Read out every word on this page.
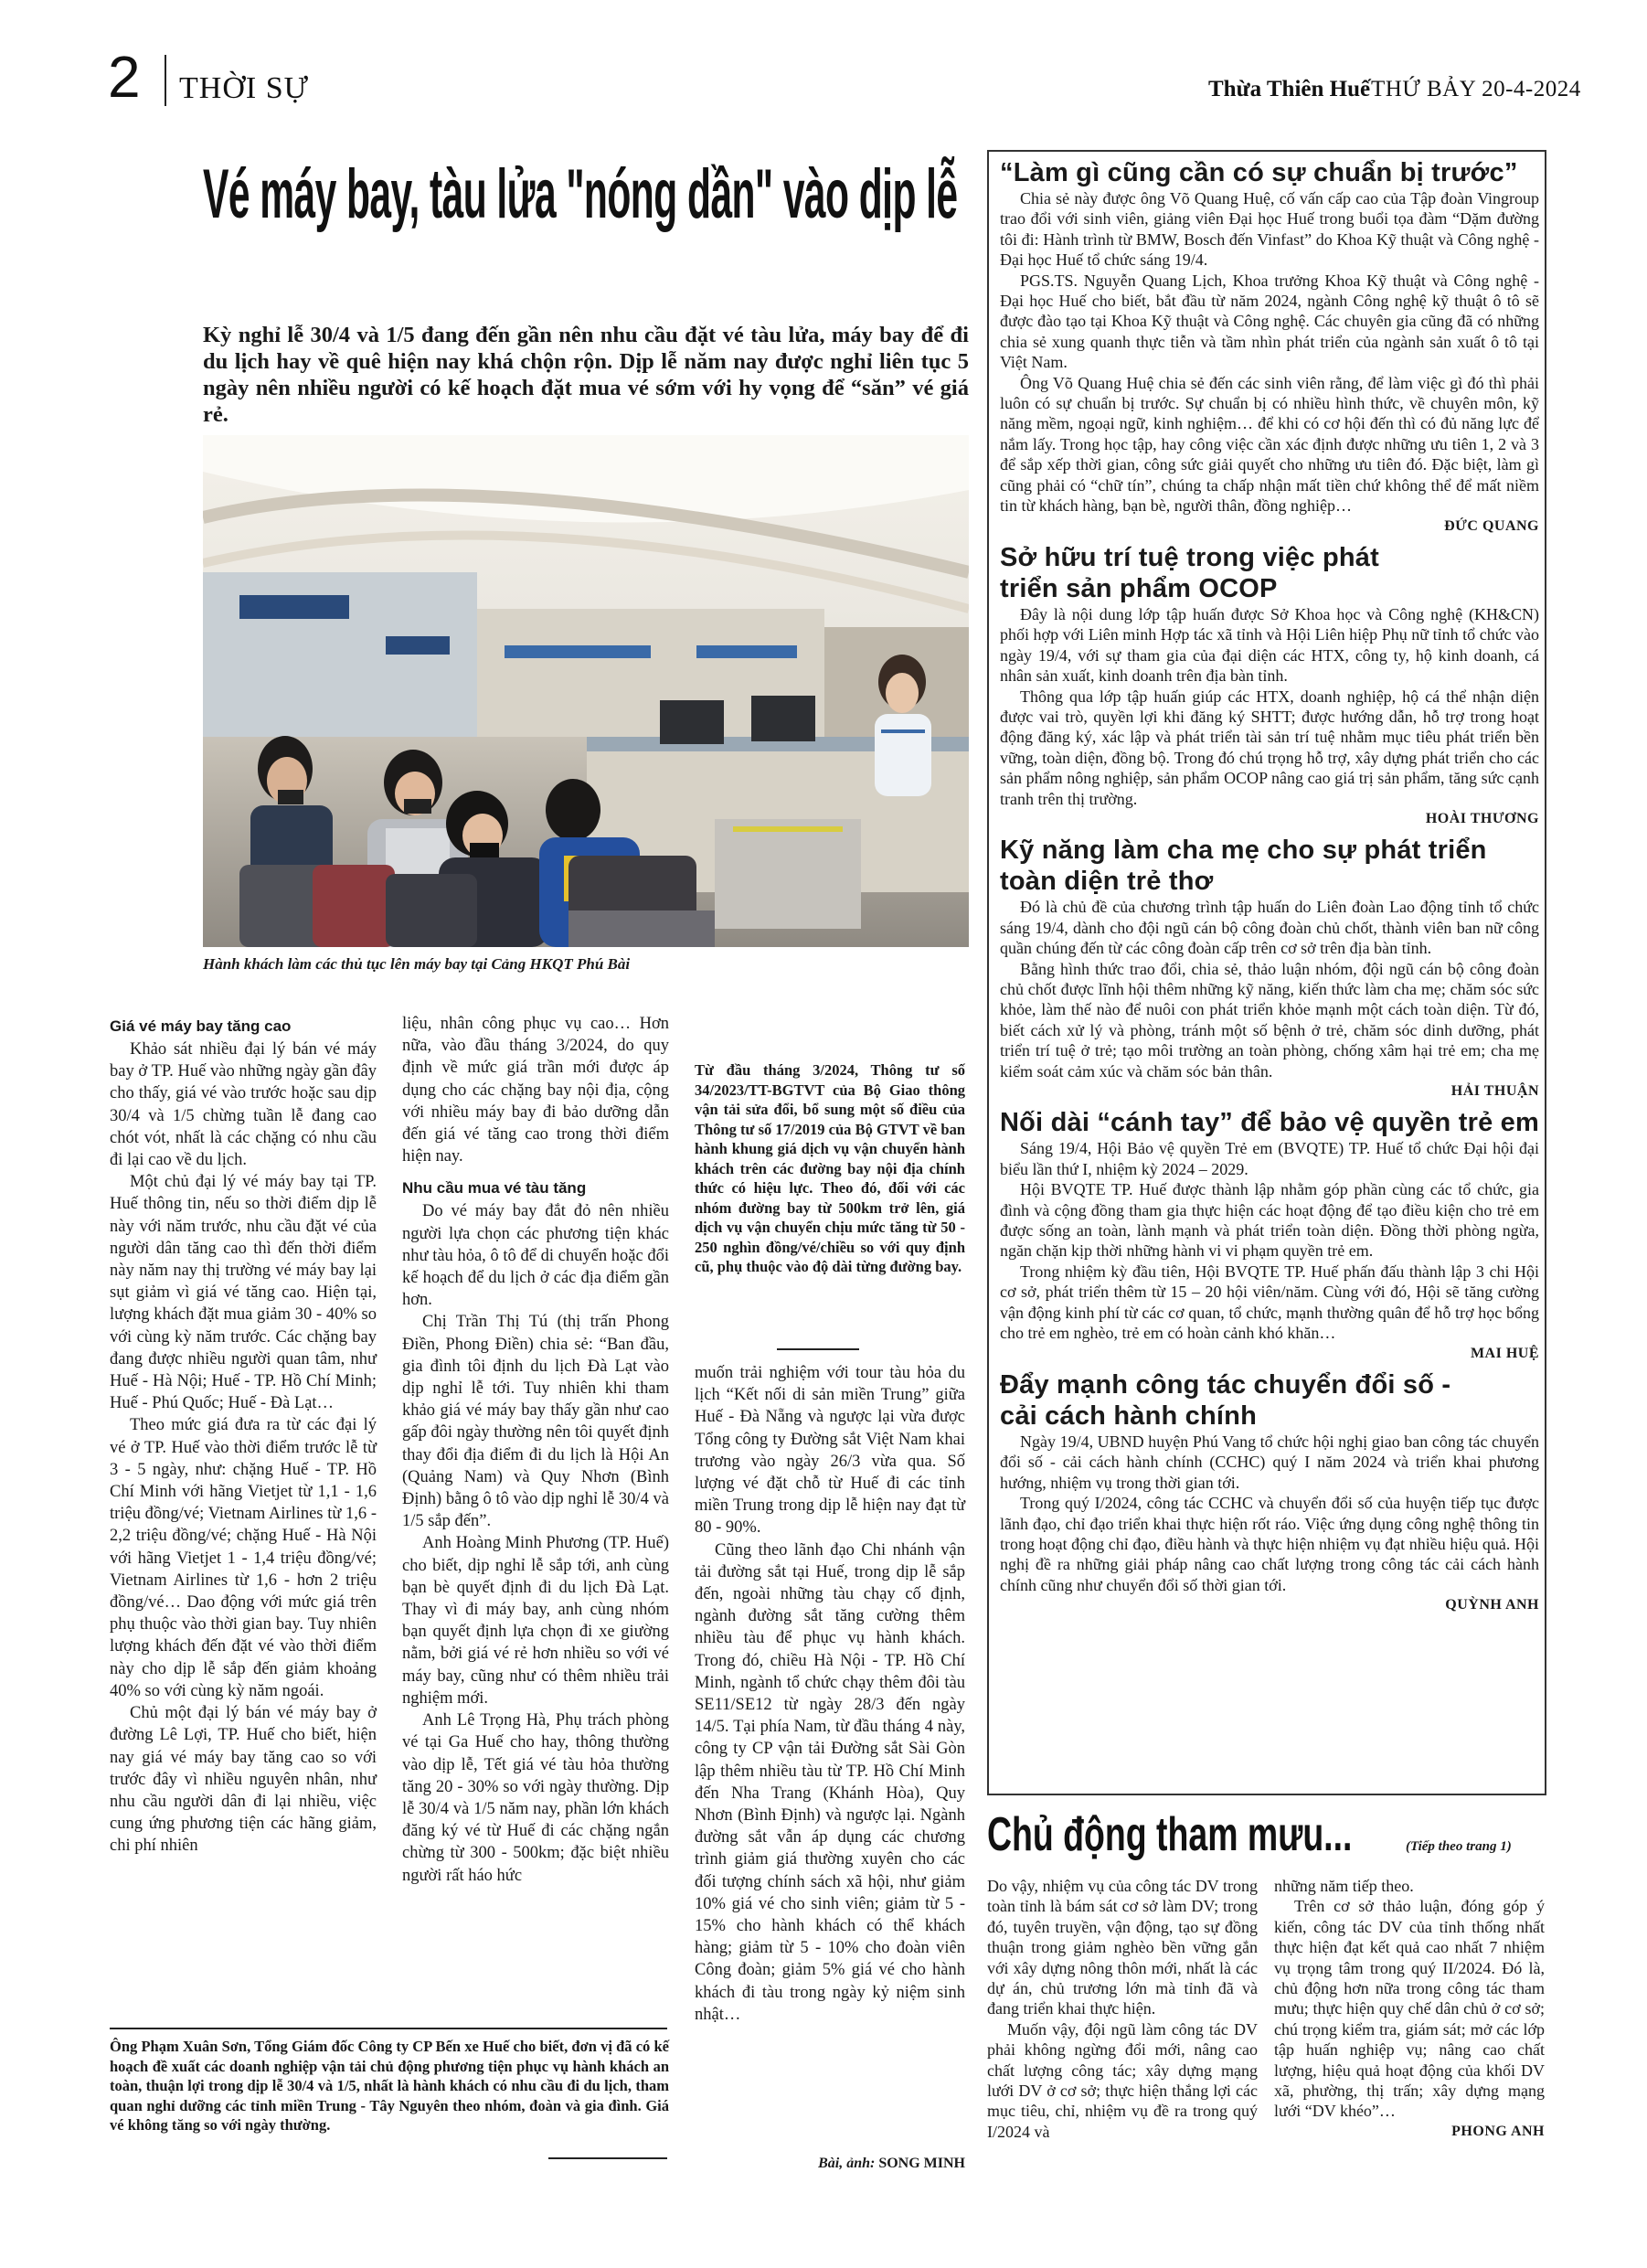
2 THỜI SỰ	Thừa Thiên Huế THỨ BẢY 20-4-2024
Vé máy bay, tàu lửa "nóng dần" vào dịp lễ
Kỳ nghỉ lễ 30/4 và 1/5 đang đến gần nên nhu cầu đặt vé tàu lửa, máy bay để đi du lịch hay về quê hiện nay khá chộn rộn. Dịp lễ năm nay được nghỉ liên tục 5 ngày nên nhiều người có kế hoạch đặt mua vé sớm với hy vọng để “săn” vé giá rẻ.
Hành khách làm các thủ tục lên máy bay tại Cảng HKQT Phú Bài
Giá vé máy bay tăng cao

Khảo sát nhiều đại lý bán vé máy bay ở TP. Huế vào những ngày gần đây cho thấy, giá vé vào trước hoặc sau dịp 30/4 và 1/5 chừng tuần lễ đang cao chót vót, nhất là các chặng có nhu cầu đi lại cao về du lịch.

Một chủ đại lý vé máy bay tại TP. Huế thông tin, nếu so thời điểm dịp lễ này với năm trước, nhu cầu đặt vé của người dân tăng cao thì đến thời điểm này năm nay thị trường vé máy bay lại sụt giảm vì giá vé tăng cao. Hiện tại, lượng khách đặt mua giảm 30 - 40% so với cùng kỳ năm trước. Các chặng bay đang được nhiều người quan tâm, như Huế - Hà Nội; Huế - TP. Hồ Chí Minh; Huế - Phú Quốc; Huế - Đà Lạt…

Theo mức giá đưa ra từ các đại lý vé ở TP. Huế vào thời điểm trước lễ từ 3 - 5 ngày, như: chặng Huế - TP. Hồ Chí Minh với hãng Vietjet từ 1,1 - 1,6 triệu đồng/vé; Vietnam Airlines từ 1,6 - 2,2 triệu đồng/vé; chặng Huế - Hà Nội với hãng Vietjet 1 - 1,4 triệu đồng/vé; Vietnam Airlines từ 1,6 - hơn 2 triệu đồng/vé… Dao động với mức giá trên phụ thuộc vào thời gian bay. Tuy nhiên lượng khách đến đặt vé vào thời điểm này cho dịp lễ sắp đến giảm khoảng 40% so với cùng kỳ năm ngoái.

Chủ một đại lý bán vé máy bay ở đường Lê Lợi, TP. Huế cho biết, hiện nay giá vé máy bay tăng cao so với trước đây vì nhiều nguyên nhân, như nhu cầu người dân đi lại nhiều, việc cung ứng phương tiện các hãng giảm, chi phí nhiên

liệu, nhân công phục vụ cao… Hơn nữa, vào đầu tháng 3/2024, do quy định về mức giá trần mới được áp dụng cho các chặng bay nội địa, cộng với nhiều máy bay đi bảo dưỡng dẫn đến giá vé tăng cao trong thời điểm hiện nay.

Nhu cầu mua vé tàu tăng

Do vé máy bay đắt đỏ nên nhiều người lựa chọn các phương tiện khác như tàu hỏa, ô tô để di chuyển hoặc đổi kế hoạch để du lịch ở các địa điểm gần hơn.

Chị Trần Thị Tú (thị trấn Phong Điền, Phong Điền) chia sẻ: “Ban đầu, gia đình tôi định du lịch Đà Lạt vào dịp nghỉ lễ tới. Tuy nhiên khi tham khảo giá vé máy bay thấy gần như cao gấp đôi ngày thường nên tôi quyết định thay đổi địa điểm đi du lịch là Hội An (Quảng Nam) và Quy Nhơn (Bình Định) bằng ô tô vào dịp nghỉ lễ 30/4 và 1/5 sắp đến”.

Anh Hoàng Minh Phương (TP. Huế) cho biết, dịp nghỉ lễ sắp tới, anh cùng bạn bè quyết định đi du lịch Đà Lạt. Thay vì đi máy bay, anh cùng nhóm bạn quyết định lựa chọn đi xe giường nằm, bởi giá vé rẻ hơn nhiều so với vé máy bay, cũng như có thêm nhiều trải nghiệm mới.

Anh Lê Trọng Hà, Phụ trách phòng vé tại Ga Huế cho hay, thông thường vào dịp lễ, Tết giá vé tàu hỏa thường tăng 20 - 30% so với ngày thường. Dịp lễ 30/4 và 1/5 năm nay, phần lớn khách đăng ký vé từ Huế đi các chặng ngắn chừng từ 300 - 500km; đặc biệt nhiều người rất háo hức

Từ đầu tháng 3/2024, Thông tư số 34/2023/TT-BGTVT của Bộ Giao thông vận tải sửa đổi, bổ sung một số điều của Thông tư số 17/2019 của Bộ GTVT về ban hành khung giá dịch vụ vận chuyển hành khách trên các đường bay nội địa chính thức có hiệu lực. Theo đó, đối với các nhóm đường bay từ 500km trở lên, giá dịch vụ vận chuyển chịu mức tăng từ 50 - 250 nghìn đồng/vé/chiều so với quy định cũ, phụ thuộc vào độ dài từng đường bay.

muốn trải nghiệm với tour tàu hỏa du lịch “Kết nối di sản miền Trung” giữa Huế - Đà Nẵng và ngược lại vừa được Tổng công ty Đường sắt Việt Nam khai trương vào ngày 26/3 vừa qua. Số lượng vé đặt chỗ từ Huế đi các tỉnh miền Trung trong dịp lễ hiện nay đạt từ 80 - 90%.

Cũng theo lãnh đạo Chi nhánh vận tải đường sắt tại Huế, trong dịp lễ sắp đến, ngoài những tàu chạy cố định, ngành đường sắt tăng cường thêm nhiều tàu để phục vụ hành khách. Trong đó, chiều Hà Nội - TP. Hồ Chí Minh, ngành tổ chức chạy thêm đôi tàu SE11/SE12 từ ngày 28/3 đến ngày 14/5. Tại phía Nam, từ đầu tháng 4 này, công ty CP vận tải Đường sắt Sài Gòn lập thêm nhiều tàu từ TP. Hồ Chí Minh đến Nha Trang (Khánh Hòa), Quy Nhơn (Bình Định) và ngược lại. Ngành đường sắt vẫn áp dụng các chương trình giảm giá thường xuyên cho các đối tượng chính sách xã hội, như giảm 10% giá vé cho sinh viên; giảm từ 5 - 15% cho hành khách có thể khách hàng; giảm từ 5 - 10% cho đoàn viên Công đoàn; giảm 5% giá vé cho hành khách đi tàu trong ngày kỷ niệm sinh nhật…

Bài, ảnh: SONG MINH
Ông Phạm Xuân Sơn, Tổng Giám đốc Công ty CP Bến xe Huế cho biết, đơn vị đã có kế hoạch đề xuất các doanh nghiệp vận tải chủ động phương tiện phục vụ hành khách an toàn, thuận lợi trong dịp lễ 30/4 và 1/5, nhất là hành khách có nhu cầu đi du lịch, tham quan nghỉ dưỡng các tỉnh miền Trung - Tây Nguyên theo nhóm, đoàn và gia đình. Giá vé không tăng so với ngày thường.
“Làm gì cũng cần có sự chuẩn bị trước”

Chia sẻ này được ông Võ Quang Huệ, cố vấn cấp cao của Tập đoàn Vingroup trao đổi với sinh viên, giảng viên Đại học Huế trong buổi tọa đàm “Dặm đường tôi đi: Hành trình từ BMW, Bosch đến Vinfast” do Khoa Kỹ thuật và Công nghệ - Đại học Huế tổ chức sáng 19/4.

PGS.TS. Nguyễn Quang Lịch, Khoa trưởng Khoa Kỹ thuật và Công nghệ - Đại học Huế cho biết, bắt đầu từ năm 2024, ngành Công nghệ kỹ thuật ô tô sẽ được đào tạo tại Khoa Kỹ thuật và Công nghệ. Các chuyên gia cũng đã có những chia sẻ xung quanh thực tiễn và tầm nhìn phát triển của ngành sản xuất ô tô tại Việt Nam.

Ông Võ Quang Huệ chia sẻ đến các sinh viên rằng, để làm việc gì đó thì phải luôn có sự chuẩn bị trước. Sự chuẩn bị có nhiều hình thức, về chuyên môn, kỹ năng mềm, ngoại ngữ, kinh nghiệm… để khi có cơ hội đến thì có đủ năng lực để nắm lấy. Trong học tập, hay công việc cần xác định được những ưu tiên 1, 2 và 3 để sắp xếp thời gian, công sức giải quyết cho những ưu tiên đó. Đặc biệt, làm gì cũng phải có “chữ tín”, chúng ta chấp nhận mất tiền chứ không thể để mất niềm tin từ khách hàng, bạn bè, người thân, đồng nghiệp…

ĐỨC QUANG
Sở hữu trí tuệ trong việc phát triển sản phẩm OCOP

Đây là nội dung lớp tập huấn được Sở Khoa học và Công nghệ (KH&CN) phối hợp với Liên minh Hợp tác xã tỉnh và Hội Liên hiệp Phụ nữ tỉnh tổ chức vào ngày 19/4, với sự tham gia của đại diện các HTX, công ty, hộ kinh doanh, cá nhân sản xuất, kinh doanh trên địa bàn tỉnh.

Thông qua lớp tập huấn giúp các HTX, doanh nghiệp, hộ cá thể nhận diện được vai trò, quyền lợi khi đăng ký SHTT; được hướng dẫn, hỗ trợ trong hoạt động đăng ký, xác lập và phát triển tài sản trí tuệ nhằm mục tiêu phát triển bền vững, toàn diện, đồng bộ. Trong đó chú trọng hỗ trợ, xây dựng phát triển cho các sản phẩm nông nghiệp, sản phẩm OCOP nâng cao giá trị sản phẩm, tăng sức cạnh tranh trên thị trường.

HOÀI THƯƠNG
Kỹ năng làm cha mẹ cho sự phát triển toàn diện trẻ thơ

Đó là chủ đề của chương trình tập huấn do Liên đoàn Lao động tỉnh tổ chức sáng 19/4, dành cho đội ngũ cán bộ công đoàn chủ chốt, thành viên ban nữ công quần chúng đến từ các công đoàn cấp trên cơ sở trên địa bàn tỉnh.

Bằng hình thức trao đổi, chia sẻ, thảo luận nhóm, đội ngũ cán bộ công đoàn chủ chốt được lĩnh hội thêm những kỹ năng, kiến thức làm cha mẹ; chăm sóc sức khỏe, làm thế nào để nuôi con phát triển khỏe mạnh một cách toàn diện. Từ đó, biết cách xử lý và phòng, tránh một số bệnh ở trẻ, chăm sóc dinh dưỡng, phát triển trí tuệ ở trẻ; tạo môi trường an toàn phòng, chống xâm hại trẻ em; cha mẹ kiểm soát cảm xúc và chăm sóc bản thân.

HẢI THUẬN
Nối dài “cánh tay” để bảo vệ quyền trẻ em

Sáng 19/4, Hội Bảo vệ quyền Trẻ em (BVQTE) TP. Huế tổ chức Đại hội đại biểu lần thứ I, nhiệm kỳ 2024 – 2029.

Hội BVQTE TP. Huế được thành lập nhằm góp phần cùng các tổ chức, gia đình và cộng đồng tham gia thực hiện các hoạt động để tạo điều kiện cho trẻ em được sống an toàn, lành mạnh và phát triển toàn diện. Đồng thời phòng ngừa, ngăn chặn kịp thời những hành vi vi phạm quyền trẻ em.

Trong nhiệm kỳ đầu tiên, Hội BVQTE TP. Huế phấn đấu thành lập 3 chi Hội cơ sở, phát triển thêm từ 15 – 20 hội viên/năm. Cùng với đó, Hội sẽ tăng cường vận động kinh phí từ các cơ quan, tổ chức, mạnh thường quân để hỗ trợ học bổng cho trẻ em nghèo, trẻ em có hoàn cảnh khó khăn…

MAI HUỆ
Đẩy mạnh công tác chuyển đổi số - cải cách hành chính

Ngày 19/4, UBND huyện Phú Vang tổ chức hội nghị giao ban công tác chuyển đổi số - cải cách hành chính (CCHC) quý I năm 2024 và triển khai phương hướng, nhiệm vụ trong thời gian tới.

Trong quý I/2024, công tác CCHC và chuyển đổi số của huyện tiếp tục được lãnh đạo, chỉ đạo triển khai thực hiện rốt ráo. Việc ứng dụng công nghệ thông tin trong hoạt động chỉ đạo, điều hành và thực hiện nhiệm vụ đạt nhiều hiệu quả. Hội nghị đề ra những giải pháp nâng cao chất lượng trong công tác cải cách hành chính cũng như chuyển đổi số thời gian tới.

QUỲNH ANH
Chủ động tham mưu...	(Tiếp theo trang 1)

Do vậy, nhiệm vụ của công tác DV trong toàn tỉnh là bám sát cơ sở làm DV; trong đó, tuyên truyền, vận động, tạo sự đồng thuận trong giảm nghèo bền vững gắn với xây dựng nông thôn mới, nhất là các dự án, chủ trương lớn mà tỉnh đã và đang triển khai thực hiện.

Muốn vậy, đội ngũ làm công tác DV phải không ngừng đổi mới, nâng cao chất lượng công tác; xây dựng mạng lưới DV ở cơ sở; thực hiện thắng lợi các mục tiêu, chỉ, nhiệm vụ đề ra trong quý I/2024 và

những năm tiếp theo.

Trên cơ sở thảo luận, đóng góp ý kiến, công tác DV của tỉnh thống nhất thực hiện đạt kết quả cao nhất 7 nhiệm vụ trọng tâm trong quý II/2024. Đó là, chủ động hơn nữa trong công tác tham mưu; thực hiện quy chế dân chủ ở cơ sở; chú trọng kiểm tra, giám sát; mở các lớp tập huấn nghiệp vụ; nâng cao chất lượng, hiệu quả hoạt động của khối DV xã, phường, thị trấn; xây dựng mạng lưới “DV khéo”…

PHONG ANH
